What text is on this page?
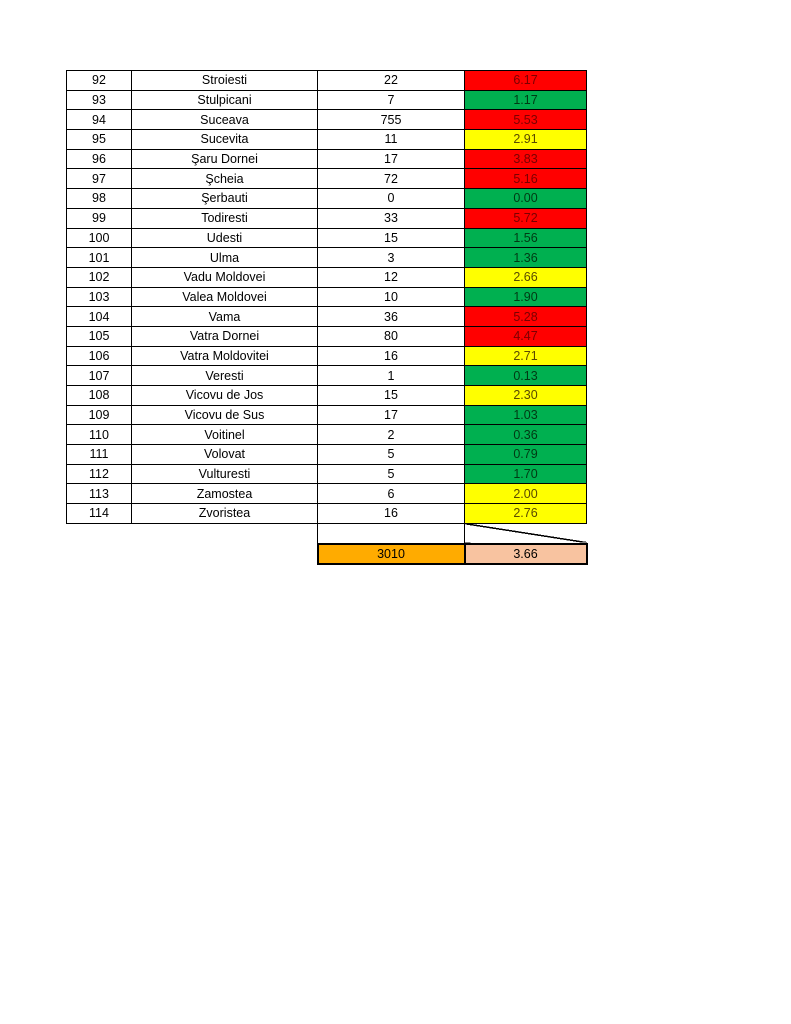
92	Stroiesti	22	6.17
93	Stulpicani	7	1.17
94	Suceava	755	5.53
95	Sucevita	11	2.91
96	Şaru Dornei	17	3.83
97	Şcheia	72	5.16
98	Şerbauti	0	0.00
99	Todiresti	33	5.72
100	Udesti	15	1.56
101	Ulma	3	1.36
102	Vadu Moldovei	12	2.66
103	Valea Moldovei	10	1.90
104	Vama	36	5.28
105	Vatra Dornei	80	4.47
106	Vatra Moldovitei	16	2.71
107	Veresti	1	0.13
108	Vicovu de Jos	15	2.30
109	Vicovu de Sus	17	1.03
110	Voitinel	2	0.36
111	Volovat	5	0.79
112	Vulturesti	5	1.70
113	Zamostea	6	2.00
114	Zvoristea	16	2.76

		3010	3.66
